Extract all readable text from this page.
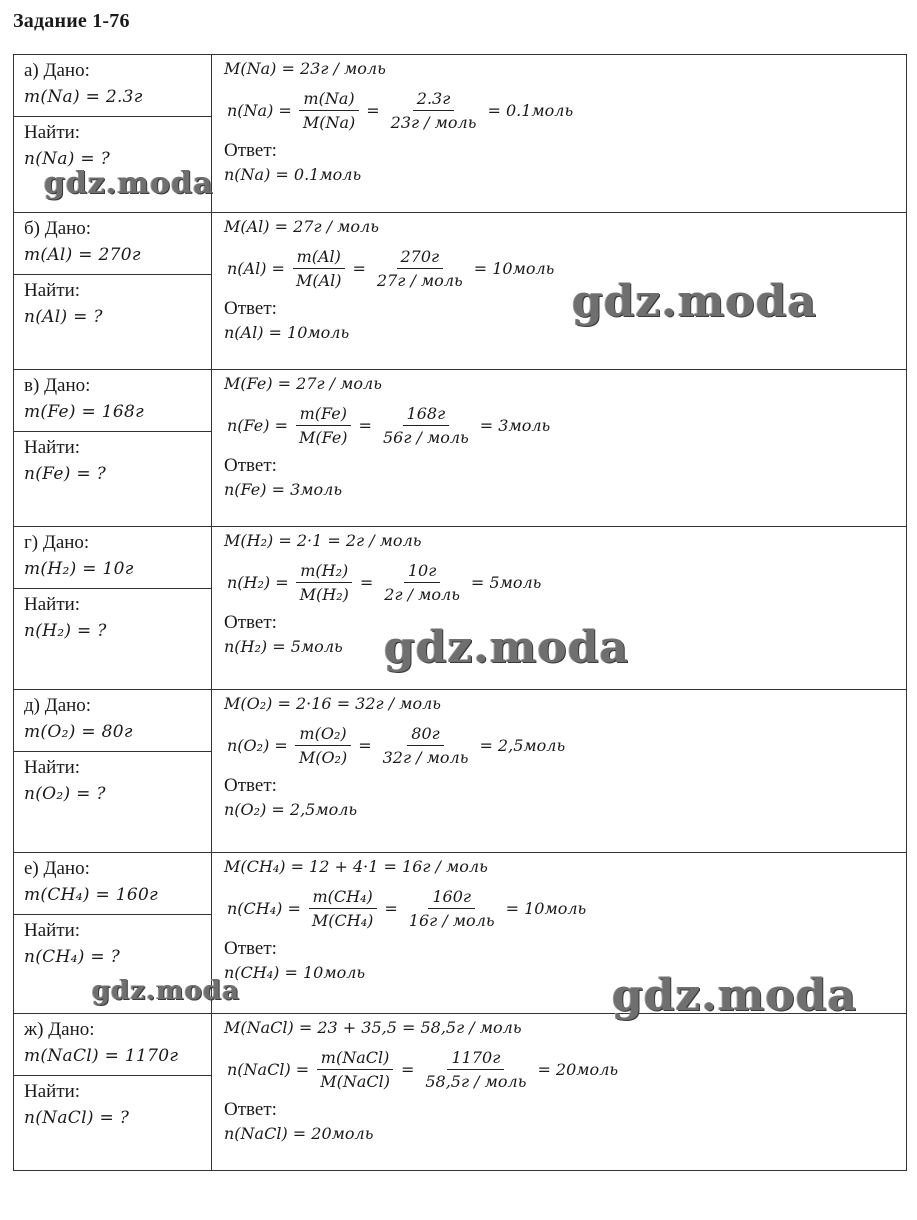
Задание 1-76
а) Дано:
m(Na) = 2.3г
Найти:
n(Na) = ?
M(Na) = 23г / моль
$n(Na) = \frac{m(Na)}{M(Na)} = \frac{2.3г}{\text{23г / моль}}$ = 0.1моль
Ответ:
n(Na) = 0.1моль
б) Дано:
m(Al) = 270г
Найти:
n(Al) = ?
M(Al) = 27г / моль
$n(Al) = \frac{m(Al)}{M(Al)} = \frac{270г}{\text{27г / моль}}$ = 10моль
Ответ:
n(Al) = 10моль
в) Дано:
m(Fe) = 168г
Найти:
n(Fe) = ?
M(Fe) = 27г / моль
$n(Fe) = \frac{m(Fe)}{M(Fe)} = \frac{168г}{\text{56г / моль}}$ = 3моль
Ответ:
n(Fe) = 3моль
г) Дано:
m(H₂) = 10г
Найти:
n(H₂) = ?
M(H₂) = 2·1 = 2г / моль
$n(H_2) = \frac{\text{m(H₂)}}{\text{M(H₂)}} = \frac{10г}{\text{2г / моль}}$ = 5моль
Ответ:
n(H₂) = 5моль
д) Дано:
m(O₂) = 80г
Найти:
n(O₂) = ?
M(O₂) = 2·16 = 32г / моль
$n(O_2) = \frac{\text{m(O₂)}}{\text{M(O₂)}} = \frac{80г}{\text{32г / моль}}$ = 2,5моль
Ответ:
n(O₂) = 2,5моль
е) Дано:
m(CH₄) = 160г
Найти:
n(CH₄) = ?
M(CH₄) = 12 + 4·1 = 16г / моль
$n(CH_4) = \frac{\text{m(CH₄)}}{\text{M(CH₄)}} = \frac{160г}{\text{16г / моль}}$ = 10моль
Ответ:
n(CH₄) = 10моль
ж) Дано:
m(NaCl) = 1170г
Найти:
n(NaCl) = ?
M(NaCl) = 23 + 35,5 = 58,5г / моль
n(NaCl) = $\frac{\text{m(NaCl)}}{\text{M(NaCl)}} = \frac{1170г}{\text{58,5г / моль}}$ = 20моль
Ответ:
n(NaCl) = 20моль
gdz.moda
gdz.moda
gdz.moda
gdz.moda	gdz.moda
